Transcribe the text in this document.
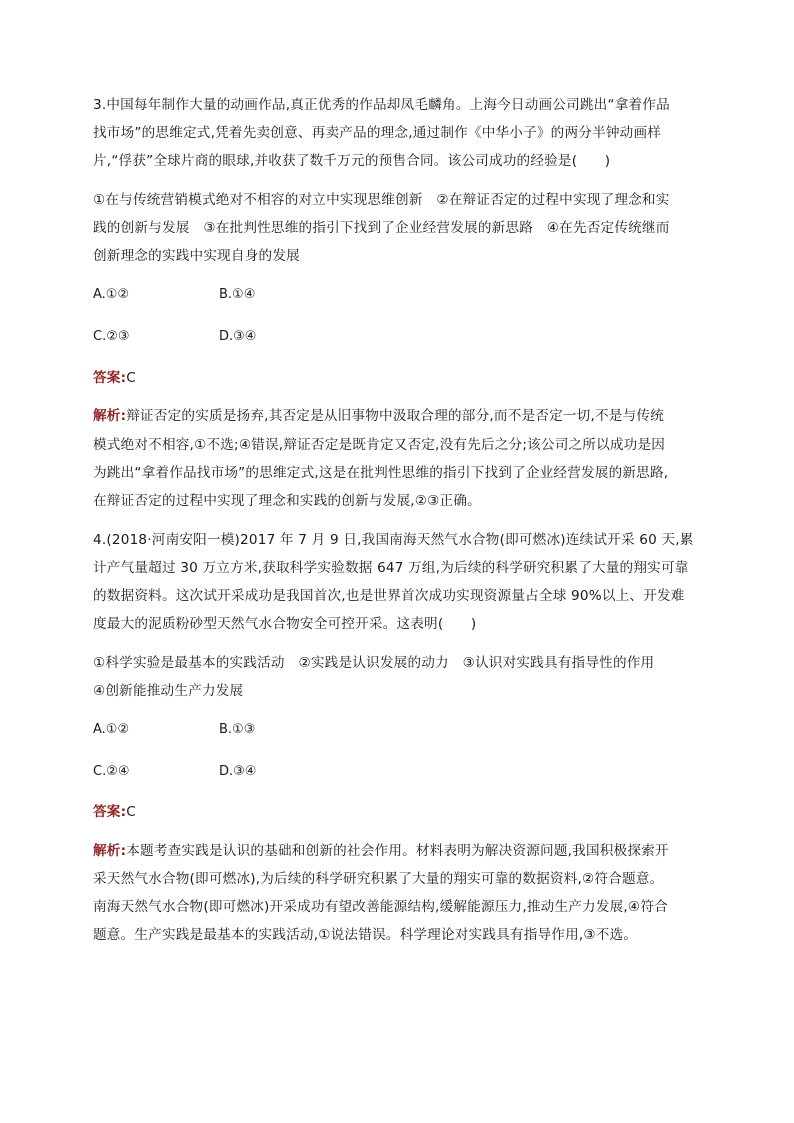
3.中国每年制作大量的动画作品,真正优秀的作品却凤毛麟角。上海今日动画公司跳出“拿着作品
找市场”的思维定式,凭着先卖创意、再卖产品的理念,通过制作《中华小子》的两分半钟动画样
片,“俘获”全球片商的眼球,并收获了数千万元的预售合同。该公司成功的经验是(　　)
①在与传统营销模式绝对不相容的对立中实现思维创新　②在辩证否定的过程中实现了理念和实
践的创新与发展　③在批判性思维的指引下找到了企业经营发展的新思路　④在先否定传统继而
创新理念的实践中实现自身的发展
A.①②	B.①④
C.②③	D.③④
答案:C
解析:辩证否定的实质是扬弃,其否定是从旧事物中汲取合理的部分,而不是否定一切,不是与传统
模式绝对不相容,①不选;④错误,辩证否定是既肯定又否定,没有先后之分;该公司之所以成功是因
为跳出“拿着作品找市场”的思维定式,这是在批判性思维的指引下找到了企业经营发展的新思路,
在辩证否定的过程中实现了理念和实践的创新与发展,②③正确。
4.(2018·河南安阳一模)2017 年 7 月 9 日,我国南海天然气水合物(即可燃冰)连续试开采 60 天,累
计产气量超过 30 万立方米,获取科学实验数据 647 万组,为后续的科学研究积累了大量的翔实可靠
的数据资料。这次试开采成功是我国首次,也是世界首次成功实现资源量占全球 90%以上、开发难
度最大的泥质粉砂型天然气水合物安全可控开采。这表明(　　)
①科学实验是最基本的实践活动　②实践是认识发展的动力　③认识对实践具有指导性的作用
④创新能推动生产力发展
A.①②	B.①③
C.②④	D.③④
答案:C
解析:本题考查实践是认识的基础和创新的社会作用。材料表明为解决资源问题,我国积极探索开
采天然气水合物(即可燃冰),为后续的科学研究积累了大量的翔实可靠的数据资料,②符合题意。
南海天然气水合物(即可燃冰)开采成功有望改善能源结构,缓解能源压力,推动生产力发展,④符合
题意。生产实践是最基本的实践活动,①说法错误。科学理论对实践具有指导作用,③不选。
